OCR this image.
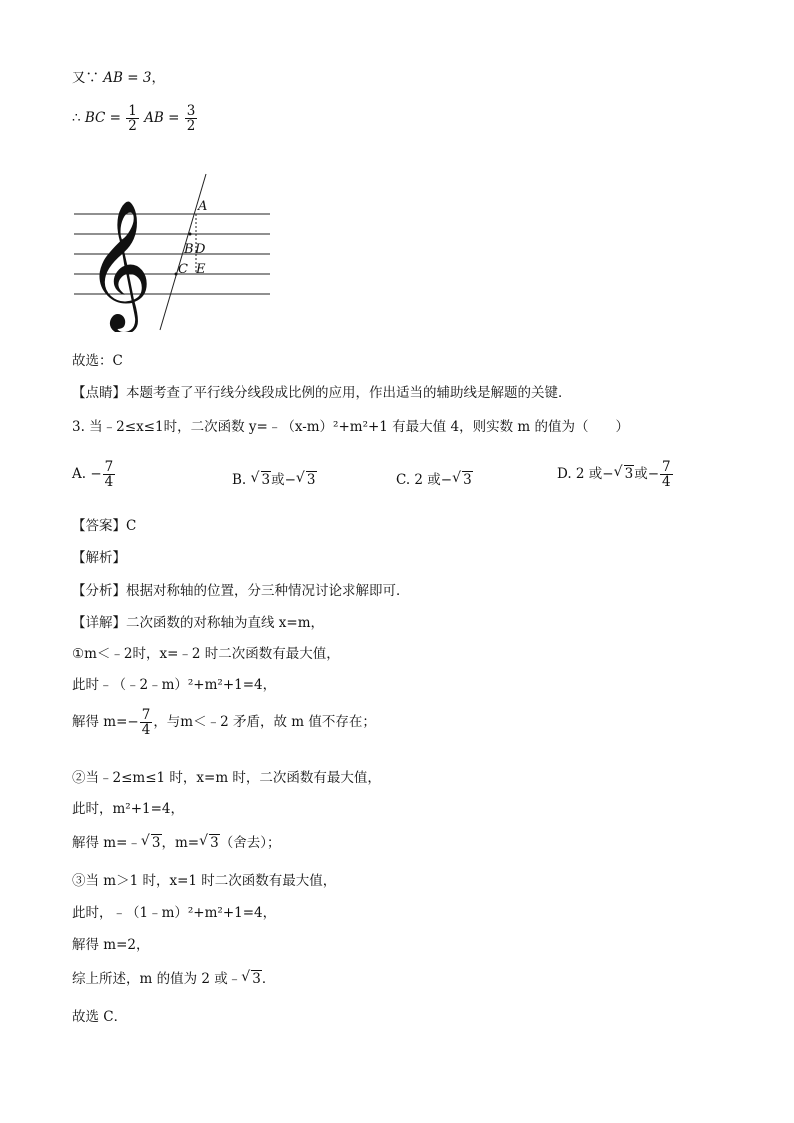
又∵ AB = 3，
∴ BC = $\frac{1}{2}$ AB = $\frac{3}{2}$
𝄞	A
B D
C E
故选：C
【点睛】本题考查了平行线分线段成比例的应用，作出适当的辅助线是解题的关键．
3. 当﹣2≤x≤1时，二次函数 y=﹣（x-m）²+m²+1 有最大值 4，则实数 m 的值为（　　）
A. − $\frac{7}{4}$	B. √ 3或− √ 3	C. 2 或− √ 3	D. 2 或− √ 3或− $\frac{7}{4}$
【答案】C
【解析】
【分析】根据对称轴的位置，分三种情况讨论求解即可．
【详解】二次函数的对称轴为直线 x=m，
①m＜﹣2时，x=﹣2 时二次函数有最大值，
此时﹣（﹣2﹣m）²+m²+1=4，
解得 $m=- \frac{7}{4}$ ，与m＜﹣2 矛盾，故 m 值不存在；
②当﹣2≤m≤1 时，x=m 时，二次函数有最大值，
此时，m²+1=4，
解得 m=﹣ √ 3，m= √ 3（舍去）；
③当 m＞1 时，x=1 时二次函数有最大值，
此时，﹣（1﹣m）²+m²+1=4，
解得 m=2，
综上所述，m 的值为 2 或﹣ √ 3．
故选 C．
